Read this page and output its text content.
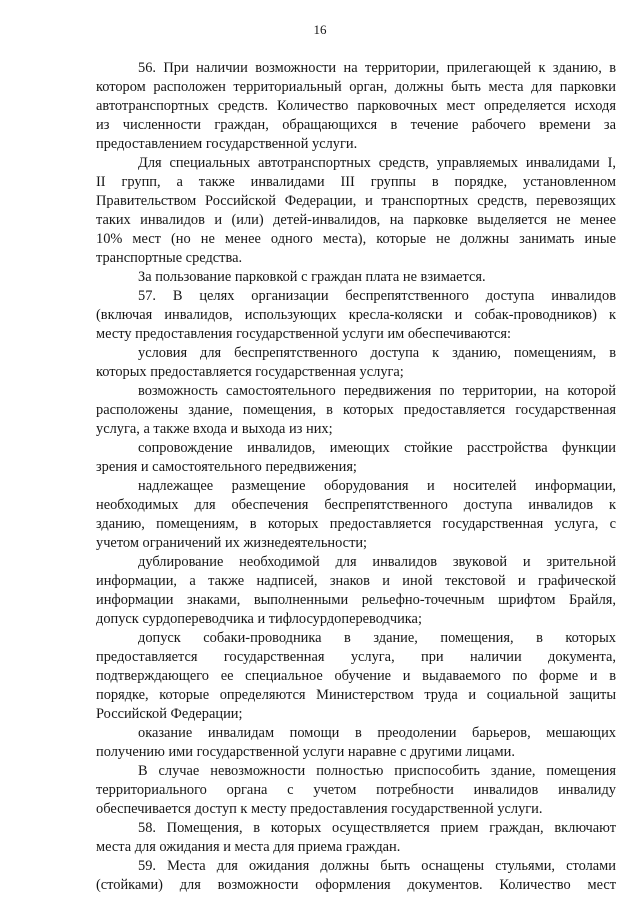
16
56. При наличии возможности на территории, прилегающей к зданию, в
котором расположен территориальный орган, должны быть места для парковки
автотранспортных средств. Количество парковочных мест определяется исходя
из численности граждан, обращающихся в течение рабочего времени за
предоставлением государственной услуги.
Для специальных автотранспортных средств, управляемых инвалидами I,
II групп, а также инвалидами III группы в порядке, установленном
Правительством Российской Федерации, и транспортных средств, перевозящих
таких инвалидов и (или) детей-инвалидов, на парковке выделяется не менее
10% мест (но не менее одного места), которые не должны занимать иные
транспортные средства.
За пользование парковкой с граждан плата не взимается.
57. В целях организации беспрепятственного доступа инвалидов
(включая инвалидов, использующих кресла-коляски и собак-проводников) к
месту предоставления государственной услуги им обеспечиваются:
условия для беспрепятственного доступа к зданию, помещениям, в
которых предоставляется государственная услуга;
возможность самостоятельного передвижения по территории, на которой
расположены здание, помещения, в которых предоставляется государственная
услуга, а также входа и выхода из них;
сопровождение инвалидов, имеющих стойкие расстройства функции
зрения и самостоятельного передвижения;
надлежащее размещение оборудования и носителей информации,
необходимых для обеспечения беспрепятственного доступа инвалидов к
зданию, помещениям, в которых предоставляется государственная услуга, с
учетом ограничений их жизнедеятельности;
дублирование необходимой для инвалидов звуковой и зрительной
информации, а также надписей, знаков и иной текстовой и графической
информации знаками, выполненными рельефно-точечным шрифтом Брайля,
допуск сурдопереводчика и тифлосурдопереводчика;
допуск собаки-проводника в здание, помещения, в которых
предоставляется государственная услуга, при наличии документа,
подтверждающего ее специальное обучение и выдаваемого по форме и в
порядке, которые определяются Министерством труда и социальной защиты
Российской Федерации;
оказание инвалидам помощи в преодолении барьеров, мешающих
получению ими государственной услуги наравне с другими лицами.
В случае невозможности полностью приспособить здание, помещения
территориального органа с учетом потребности инвалидов инвалиду
обеспечивается доступ к месту предоставления государственной услуги.
58. Помещения, в которых осуществляется прием граждан, включают
места для ожидания и места для приема граждан.
59. Места для ожидания должны быть оснащены стульями, столами
(стойками) для возможности оформления документов. Количество мест
